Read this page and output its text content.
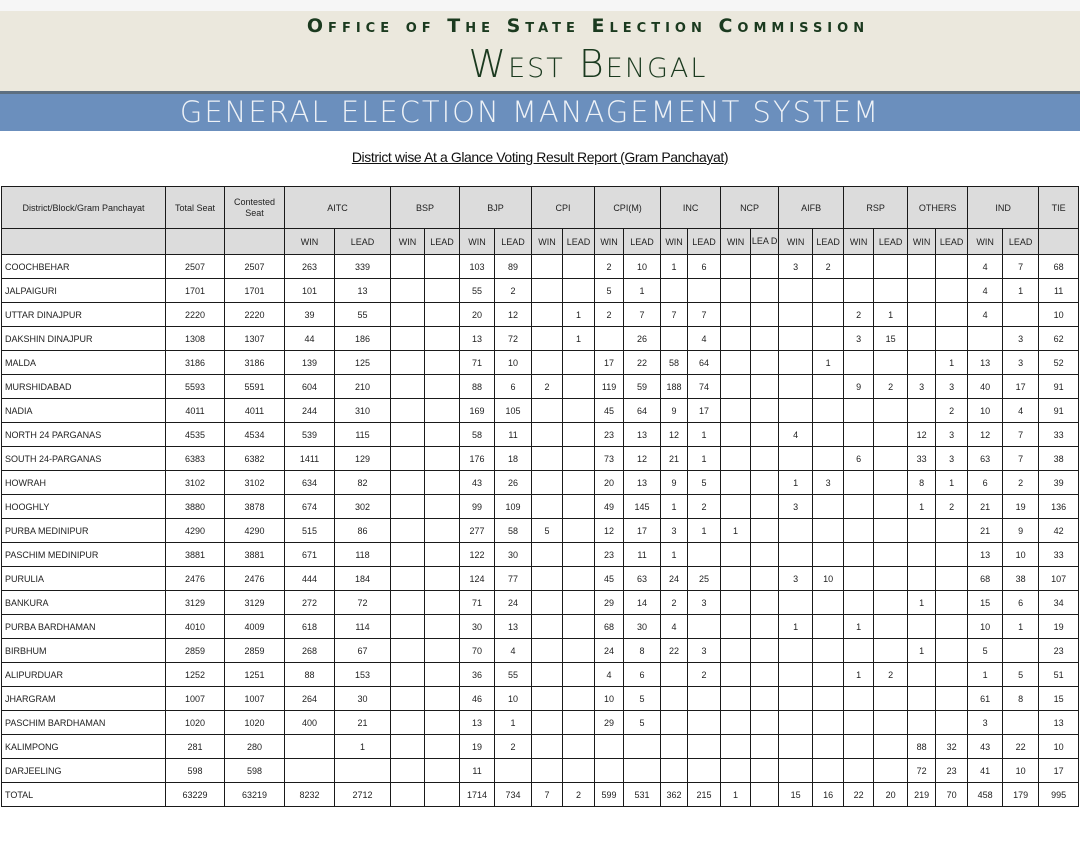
Office of The State Election Commission
West Bengal
GENERAL ELECTION MANAGEMENT SYSTEM
District wise At a Glance Voting Result Report (Gram Panchayat)
District/Block/Gram Panchayat	Total Seat	Contested Seat	AITC		BSP		BJP		CPI		CPI(M)		INC		NCP		AIFB		RSP		OTHERS		IND		TIE
			WIN	LEAD	WIN	LEAD	WIN	LEAD	WIN	LEAD	WIN	LEAD	WIN	LEAD	WIN	LEA D	WIN	LEAD	WIN	LEAD	WIN	LEAD	WIN	LEAD	
COOCHBEHAR	2507	2507	263	339			103	89			2	10	1	6			3	2					4	7	68
JALPAIGURI	1701	1701	101	13			55	2			5	1											4	1	11
UTTAR DINAJPUR	2220	2220	39	55			20	12		1	2	7	7	7					2	1			4		10
DAKSHIN DINAJPUR	1308	1307	44	186			13	72		1		26		4					3	15				3	62
MALDA	3186	3186	139	125			71	10			17	22	58	64				1				1	13	3	52
MURSHIDABAD	5593	5591	604	210			88	6	2		119	59	188	74					9	2	3	3	40	17	91
NADIA	4011	4011	244	310			169	105			45	64	9	17								2	10	4	91
NORTH 24 PARGANAS	4535	4534	539	115			58	11			23	13	12	1			4				12	3	12	7	33
SOUTH 24-PARGANAS	6383	6382	1411	129			176	18			73	12	21	1					6		33	3	63	7	38
HOWRAH	3102	3102	634	82			43	26			20	13	9	5			1	3			8	1	6	2	39
HOOGHLY	3880	3878	674	302			99	109			49	145	1	2			3				1	2	21	19	136
PURBA MEDINIPUR	4290	4290	515	86			277	58	5		12	17	3	1	1								21	9	42
PASCHIM MEDINIPUR	3881	3881	671	118			122	30			23	11	1										13	10	33
PURULIA	2476	2476	444	184			124	77			45	63	24	25			3	10					68	38	107
BANKURA	3129	3129	272	72			71	24			29	14	2	3							1		15	6	34
PURBA BARDHAMAN	4010	4009	618	114			30	13			68	30	4				1		1				10	1	19
BIRBHUM	2859	2859	268	67			70	4			24	8	22	3							1		5		23
ALIPURDUAR	1252	1251	88	153			36	55			4	6		2					1	2			1	5	51
JHARGRAM	1007	1007	264	30			46	10			10	5											61	8	15
PASCHIM BARDHAMAN	1020	1020	400	21			13	1			29	5											3		13
KALIMPONG	281	280		1			19	2													88	32	43	22	10
DARJEELING	598	598					11														72	23	41	10	17
TOTAL	63229	63219	8232	2712			1714	734	7	2	599	531	362	215	1		15	16	22	20	219	70	458	179	995
